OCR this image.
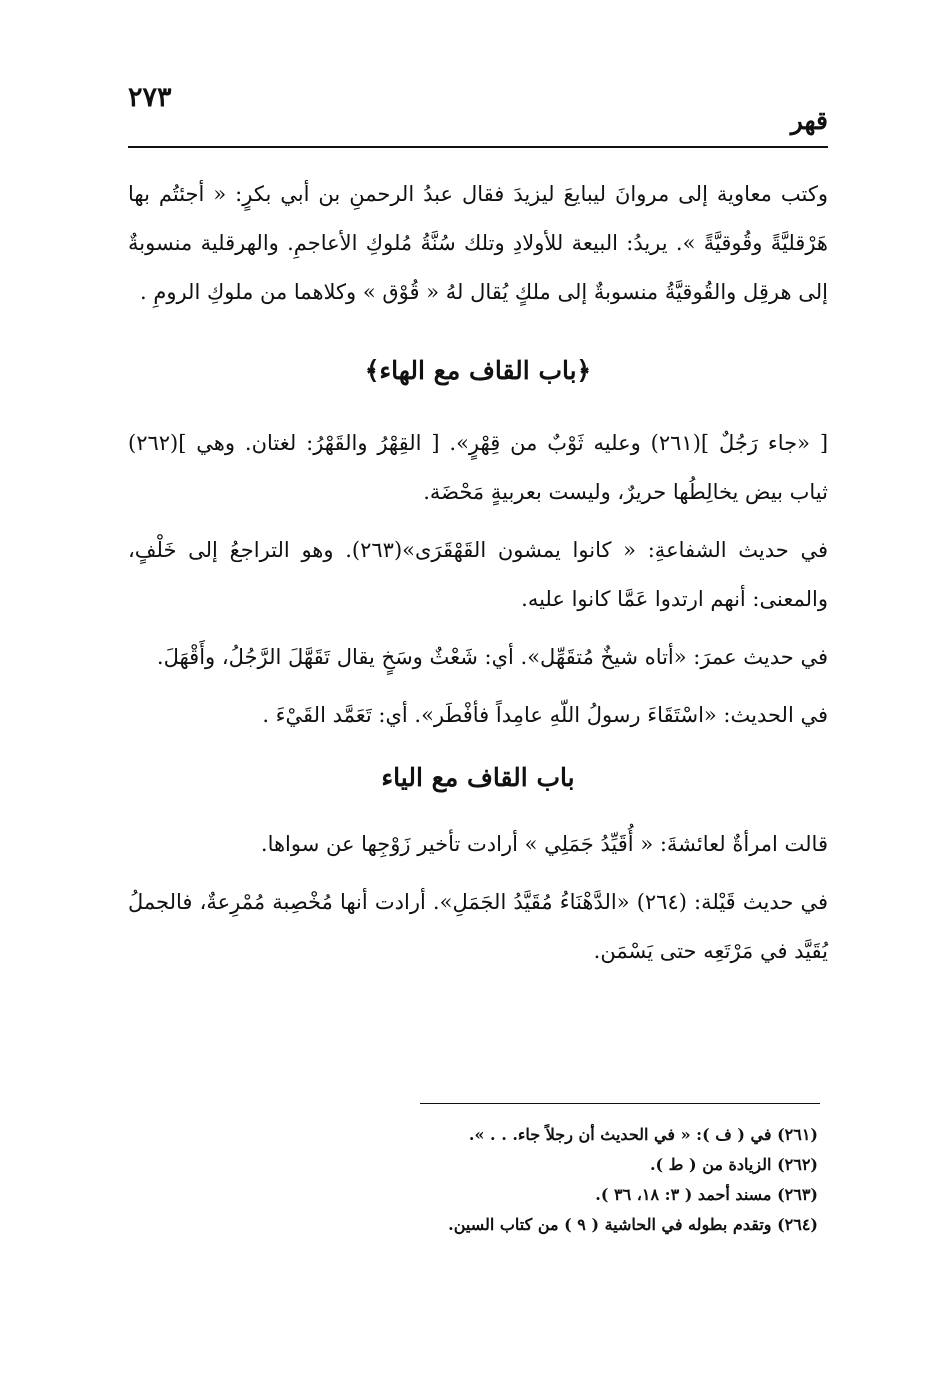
٢٧٣
قهر

وكتب معاوية إلى مروانَ ليبايعَ ليزيدَ فقال عبدُ الرحمنِ بن أبي بكرٍ: « أجئتُم بها هَرْقليَّةً وقُوقيَّةً ». يريدُ: البيعة للأولادِ وتلك سُنَّةُ مُلوكِ الأعاجمِ. والهرقلية منسوبةٌ إلى هرقِل والقُوقيَّةُ منسوبةٌ إلى ملكٍ يُقال لهُ « قُوْق » وكلاهما من ملوكِ الرومِ .

﴿باب القاف مع الهاء﴾

[ «جاء رَجُلٌ ](٢٦١) وعليه ثَوْبٌ من قِهْرٍ». [ القِهْرُ والقَهْرُ: لغتان. وهي ](٢٦٢) ثياب بيض يخالِطُها حريرٌ، وليست بعربيةٍ مَحْضَة.

في حديث الشفاعةِ: « كانوا يمشون القَهْقَرَى»(٢٦٣). وهو التراجعُ إلى خَلْفٍ، والمعنى: أنهم ارتدوا عَمَّا كانوا عليه.

في حديث عمرَ: «أتاه شيخٌ مُتقَهِّل». أي: شَعْثٌ وسَخٍ يقال تَقَهَّلَ الرَّجُلُ، وأَقْهَلَ.

في الحديث: «اسْتَقَاءَ رسولُ اللّهِ عامِداً فأفْطَر». أي: تَعَمَّد القَيْءَ .

باب القاف مع الياء

قالت امرأةٌ لعائشةَ: « أُقَيِّدُ جَمَلِي » أرادت تأخير زَوْجِها عن سواها.

في حديث قَيْلة: (٢٦٤) «الدَّهْنَاءُ مُقَيَّدُ الجَمَلِ». أرادت أنها مُخْصِبة مُمْرِعةٌ، فالجملُ يُقَيَّد في مَرْتَعِه حتى يَسْمَن.

(٢٦١) في ( ف ): « في الحديث أن رجلاً جاء. . . ».
(٢٦٢) الزيادة من ( ط ).
(٢٦٣) مسند أحمد ( ٣: ١٨، ٣٦ ).
(٢٦٤) وتقدم بطوله في الحاشية ( ٩ ) من كتاب السين.
